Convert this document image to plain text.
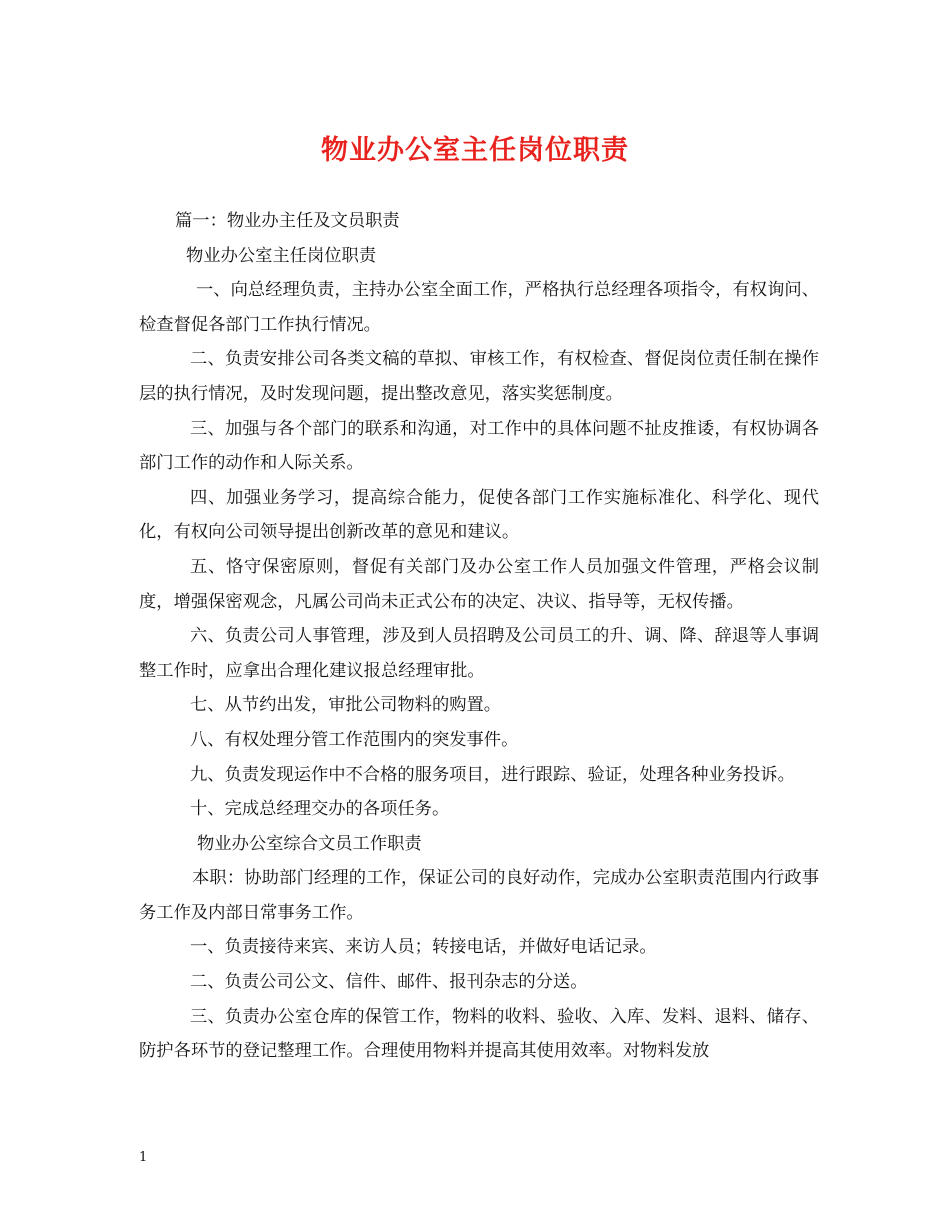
物业办公室主任岗位职责

篇一：物业办主任及文员职责

物业办公室主任岗位职责

一、向总经理负责，主持办公室全面工作，严格执行总经理各项指令，有权询问、检查督促各部门工作执行情况。

二、负责安排公司各类文稿的草拟、审核工作，有权检查、督促岗位责任制在操作层的执行情况，及时发现问题，提出整改意见，落实奖惩制度。

三、加强与各个部门的联系和沟通，对工作中的具体问题不扯皮推诿，有权协调各部门工作的动作和人际关系。

四、加强业务学习，提高综合能力，促使各部门工作实施标准化、科学化、现代化，有权向公司领导提出创新改革的意见和建议。

五、恪守保密原则，督促有关部门及办公室工作人员加强文件管理，严格会议制度，增强保密观念，凡属公司尚未正式公布的决定、决议、指导等，无权传播。

六、负责公司人事管理，涉及到人员招聘及公司员工的升、调、降、辞退等人事调整工作时，应拿出合理化建议报总经理审批。

七、从节约出发，审批公司物料的购置。

八、有权处理分管工作范围内的突发事件。

九、负责发现运作中不合格的服务项目，进行跟踪、验证，处理各种业务投诉。

十、完成总经理交办的各项任务。

物业办公室综合文员工作职责

本职：协助部门经理的工作，保证公司的良好动作，完成办公室职责范围内行政事务工作及内部日常事务工作。

一、负责接待来宾、来访人员；转接电话，并做好电话记录。

二、负责公司公文、信件、邮件、报刊杂志的分送。

三、负责办公室仓库的保管工作，物料的收料、验收、入库、发料、退料、储存、防护各环节的登记整理工作。合理使用物料并提高其使用效率。对物料发放

1
